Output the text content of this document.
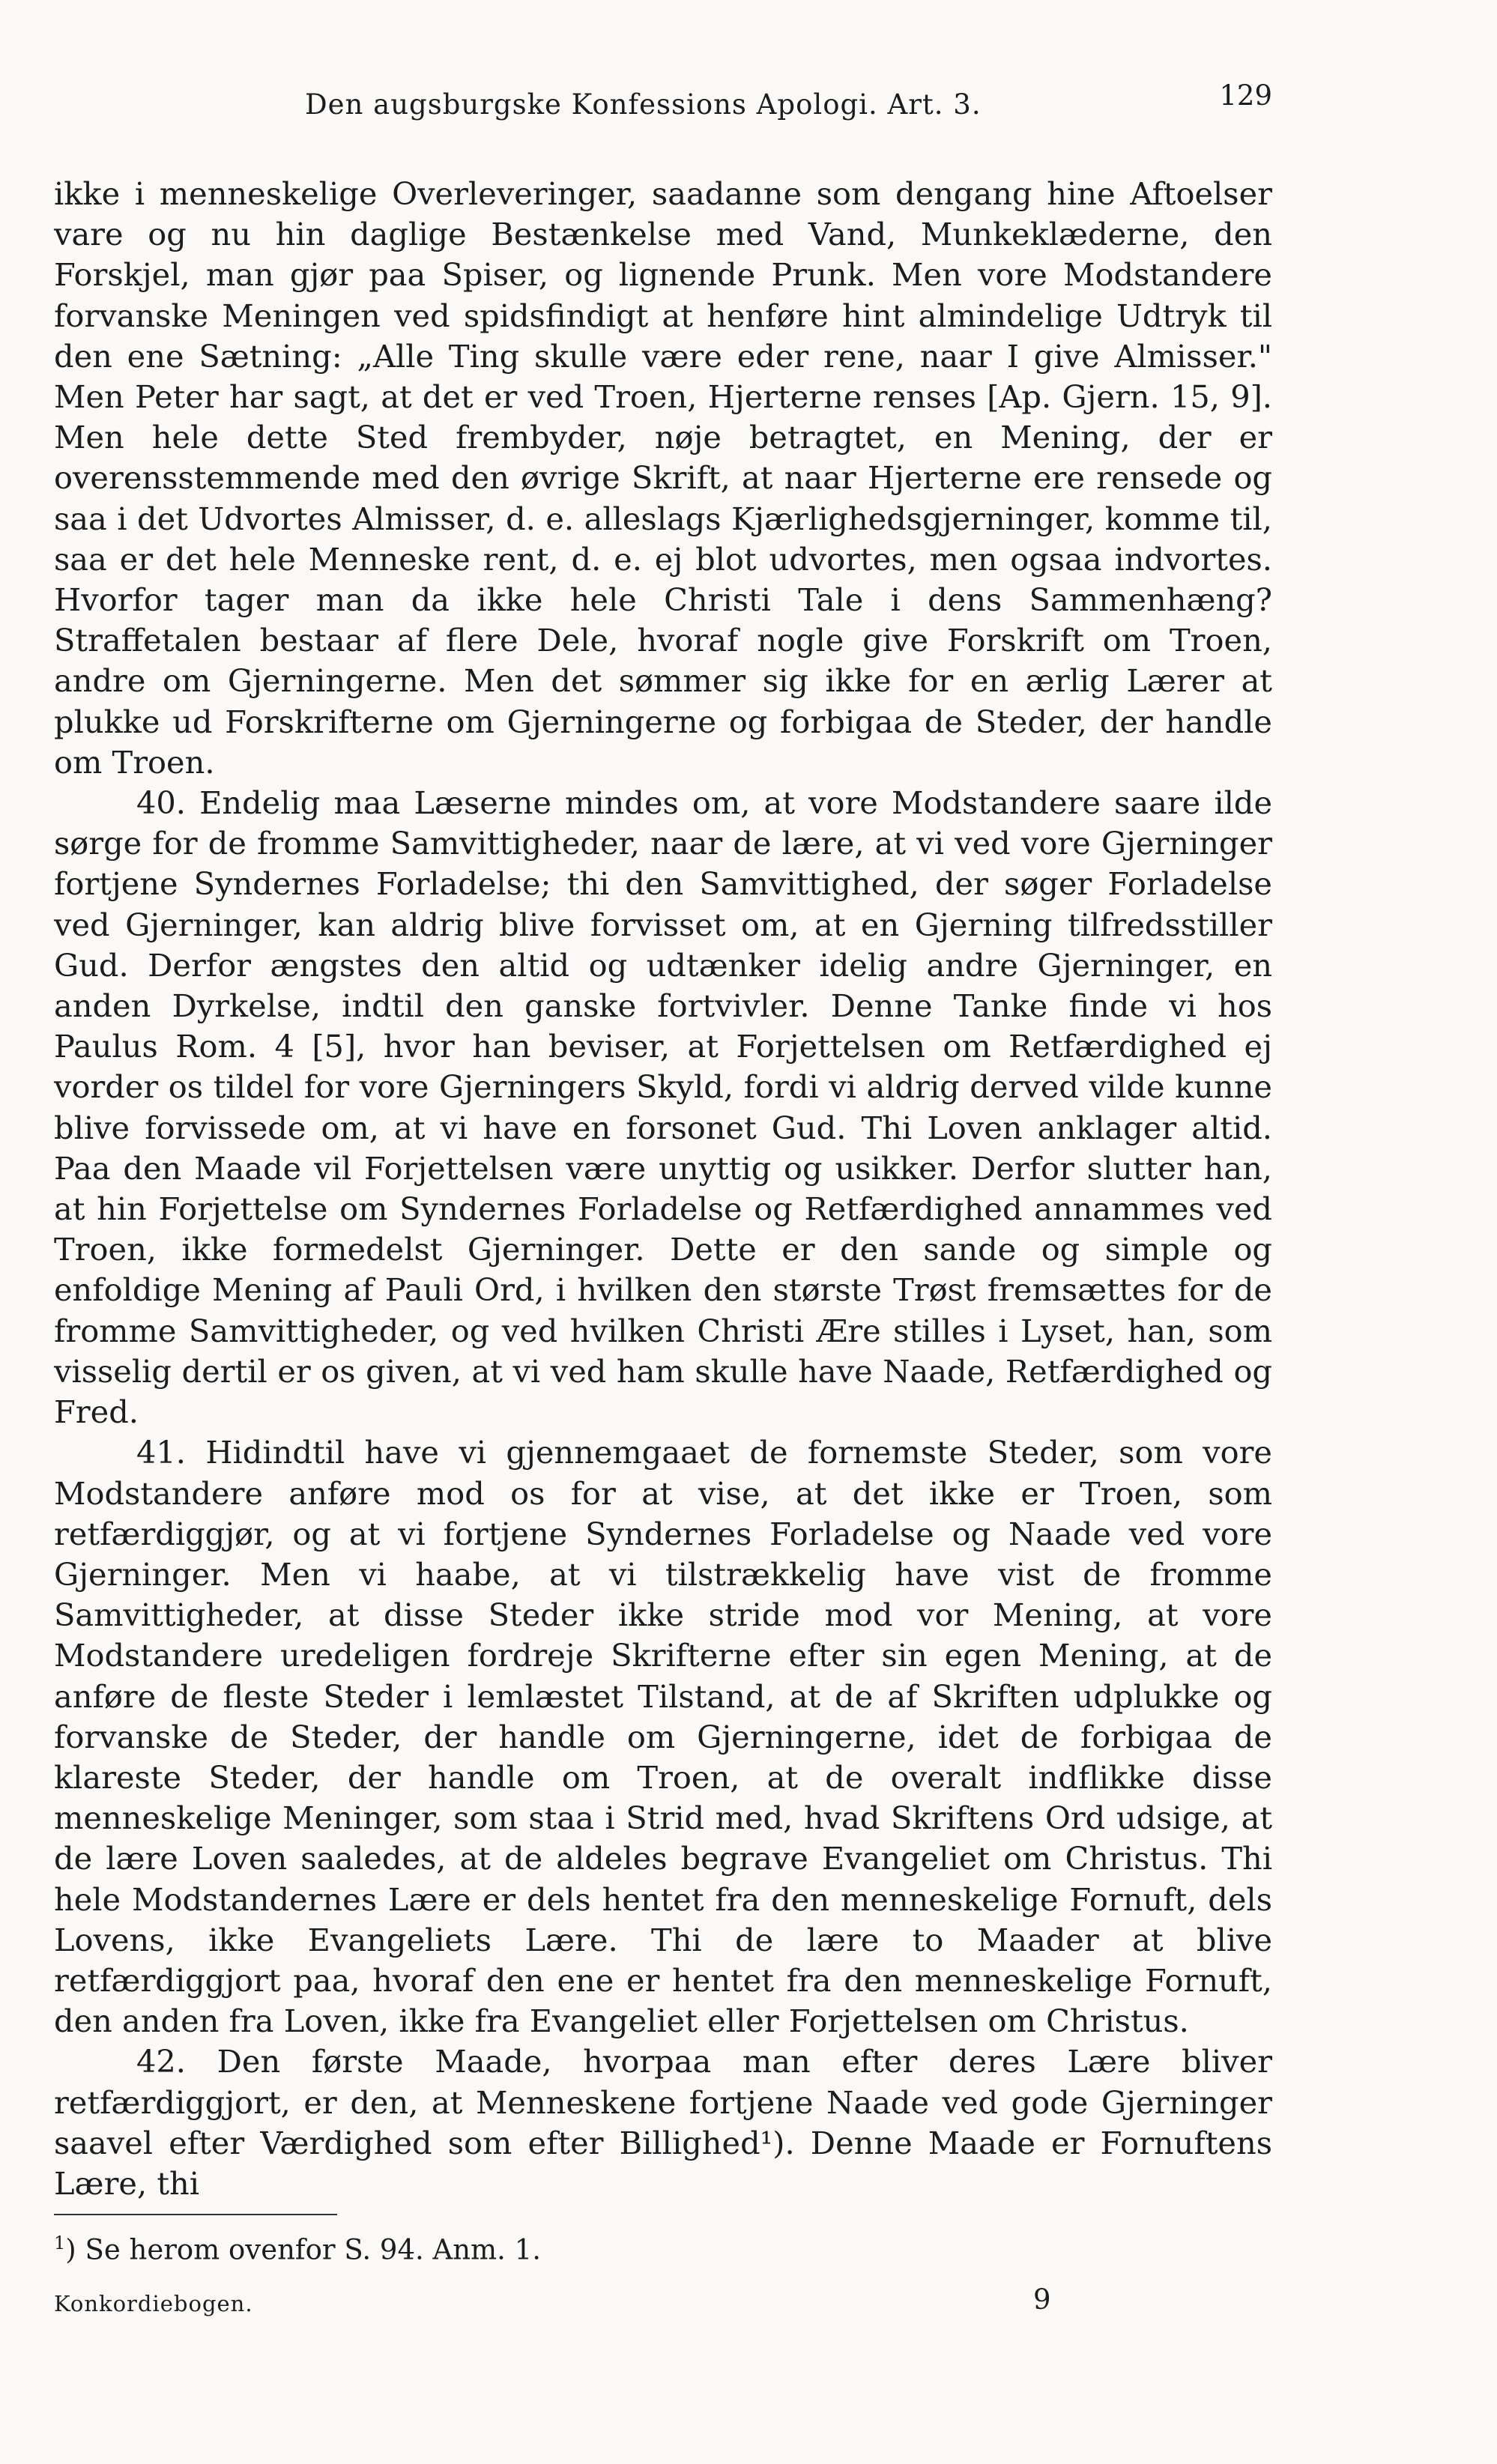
Den augsburgske Konfessions Apologi. Art. 3.	129

ikke i menneskelige Overleveringer, saadanne som dengang hine Aftoelser vare og nu hin daglige Bestænkelse med Vand, Munkeklæderne, den Forskjel, man gjør paa Spiser, og lignende Prunk. Men vore Modstandere forvanske Meningen ved spidsfindigt at henføre hint almindelige Udtryk til den ene Sætning: „Alle Ting skulle være eder rene, naar I give Almisser." Men Peter har sagt, at det er ved Troen, Hjerterne renses [Ap. Gjern. 15, 9]. Men hele dette Sted frembyder, nøje betragtet, en Mening, der er overensstemmende med den øvrige Skrift, at naar Hjerterne ere rensede og saa i det Udvortes Almisser, d. e. alleslags Kjærlighedsgjerninger, komme til, saa er det hele Menneske rent, d. e. ej blot udvortes, men ogsaa indvortes. Hvorfor tager man da ikke hele Christi Tale i dens Sammenhæng? Straffetalen bestaar af flere Dele, hvoraf nogle give Forskrift om Troen, andre om Gjerningerne. Men det sømmer sig ikke for en ærlig Lærer at plukke ud Forskrifterne om Gjerningerne og forbigaa de Steder, der handle om Troen.

40. Endelig maa Læserne mindes om, at vore Modstandere saare ilde sørge for de fromme Samvittigheder, naar de lære, at vi ved vore Gjerninger fortjene Syndernes Forladelse; thi den Samvittighed, der søger Forladelse ved Gjerninger, kan aldrig blive forvisset om, at en Gjerning tilfredsstiller Gud. Derfor ængstes den altid og udtænker idelig andre Gjerninger, en anden Dyrkelse, indtil den ganske fortvivler. Denne Tanke finde vi hos Paulus Rom. 4 [5], hvor han beviser, at Forjettelsen om Retfærdighed ej vorder os tildel for vore Gjerningers Skyld, fordi vi aldrig derved vilde kunne blive forvissede om, at vi have en forsonet Gud. Thi Loven anklager altid. Paa den Maade vil Forjettelsen være unyttig og usikker. Derfor slutter han, at hin Forjettelse om Syndernes Forladelse og Retfærdighed annammes ved Troen, ikke formedelst Gjerninger. Dette er den sande og simple og enfoldige Mening af Pauli Ord, i hvilken den største Trøst fremsættes for de fromme Samvittigheder, og ved hvilken Christi Ære stilles i Lyset, han, som visselig dertil er os given, at vi ved ham skulle have Naade, Retfærdighed og Fred.

41. Hidindtil have vi gjennemgaaet de fornemste Steder, som vore Modstandere anføre mod os for at vise, at det ikke er Troen, som retfærdiggjør, og at vi fortjene Syndernes Forladelse og Naade ved vore Gjerninger. Men vi haabe, at vi tilstrækkelig have vist de fromme Samvittigheder, at disse Steder ikke stride mod vor Mening, at vore Modstandere uredeligen fordreje Skrifterne efter sin egen Mening, at de anføre de fleste Steder i lemlæstet Tilstand, at de af Skriften udplukke og forvanske de Steder, der handle om Gjerningerne, idet de forbigaa de klareste Steder, der handle om Troen, at de overalt indflikke disse menneskelige Meninger, som staa i Strid med, hvad Skriftens Ord udsige, at de lære Loven saaledes, at de aldeles begrave Evangeliet om Christus. Thi hele Modstandernes Lære er dels hentet fra den menneskelige Fornuft, dels Lovens, ikke Evangeliets Lære. Thi de lære to Maader at blive retfærdiggjort paa, hvoraf den ene er hentet fra den menneskelige Fornuft, den anden fra Loven, ikke fra Evangeliet eller Forjettelsen om Christus.

42. Den første Maade, hvorpaa man efter deres Lære bliver retfærdiggjort, er den, at Menneskene fortjene Naade ved gode Gjerninger saavel efter Værdighed som efter Billighed¹). Denne Maade er Fornuftens Lære, thi

$^1$) Se herom ovenfor S. 94. Anm. 1.
Konkordiebogen.	9
